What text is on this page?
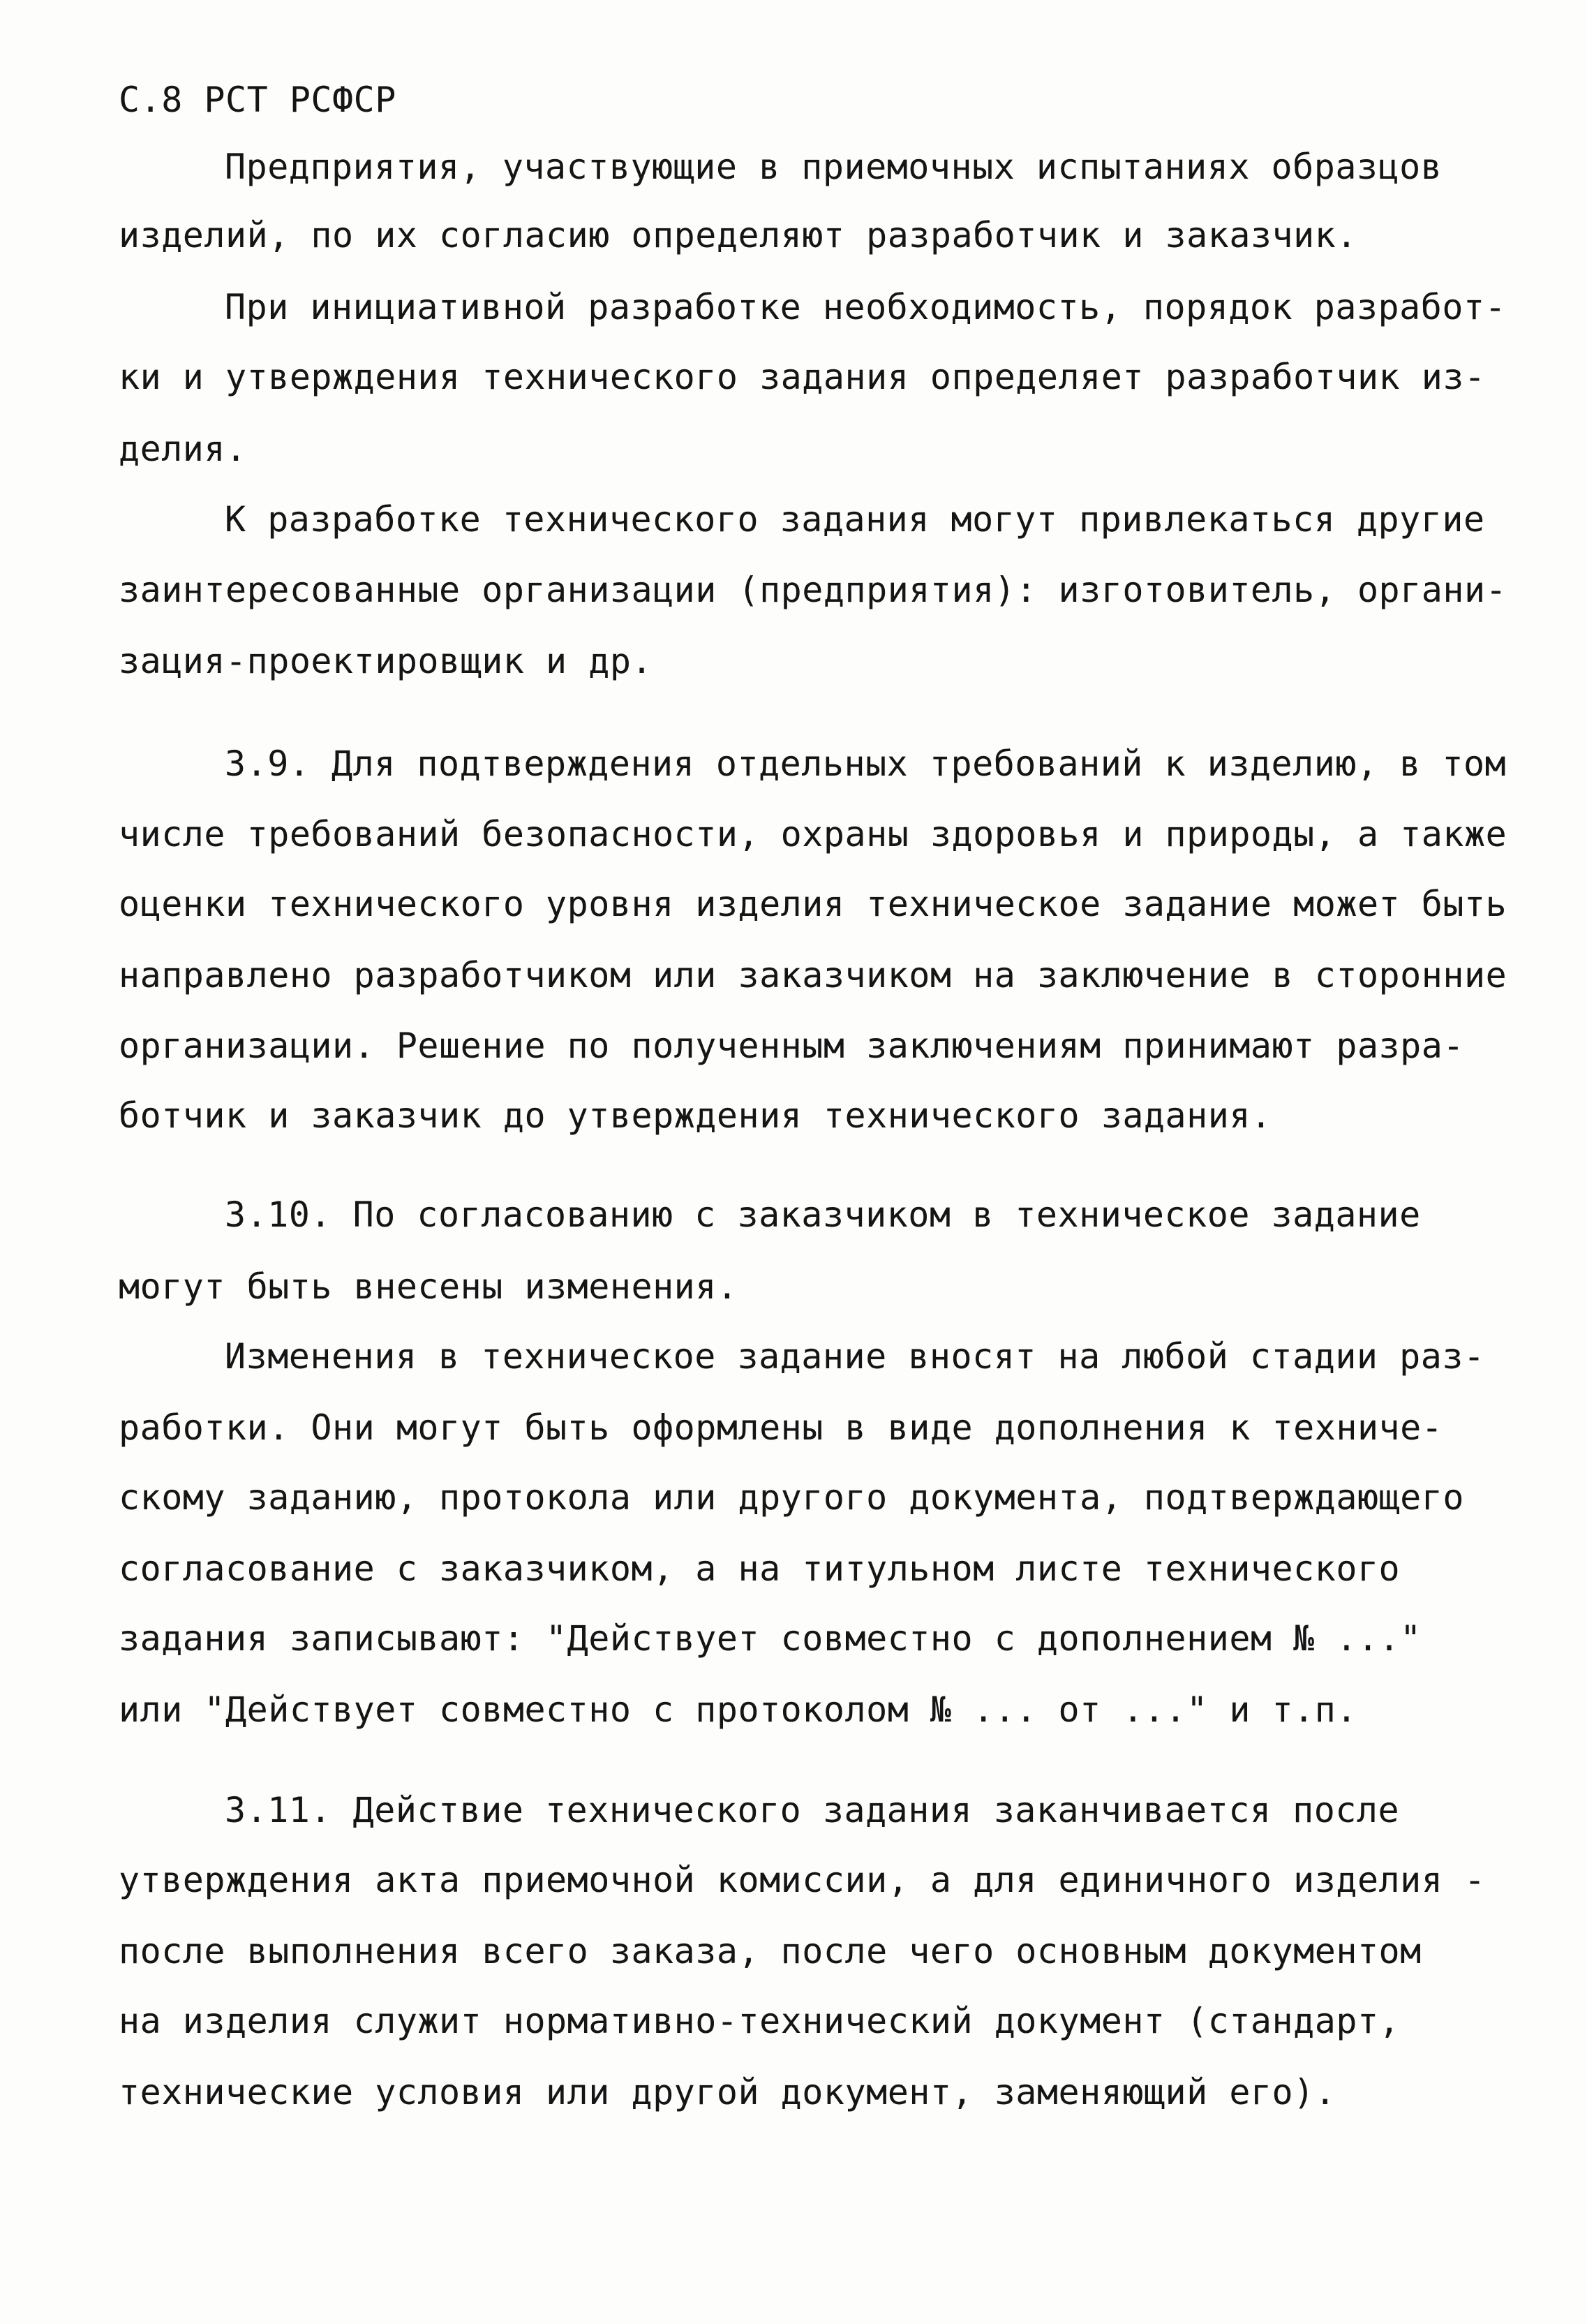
С.8 РСТ РСФСР
Предприятия, участвующие в приемочных испытаниях образцов
изделий, по их согласию определяют разработчик и заказчик.
При инициативной разработке необходимость, порядок разработ-
ки и утверждения технического задания определяет разработчик из-
делия.
К разработке технического задания могут привлекаться другие
заинтересованные организации (предприятия): изготовитель, органи-
зация-проектировщик и др.
3.9. Для подтверждения отдельных требований к изделию, в том
числе требований безопасности, охраны здоровья и природы, а также
оценки технического уровня изделия техническое задание может быть
направлено разработчиком или заказчиком на заключение в сторонние
организации. Решение по полученным заключениям принимают разра-
ботчик и заказчик до утверждения технического задания.
3.10. По согласованию с заказчиком в техническое задание
могут быть внесены изменения.
Изменения в техническое задание вносят на любой стадии раз-
работки. Они могут быть оформлены в виде дополнения к техниче-
скому заданию, протокола или другого документа, подтверждающего
согласование с заказчиком, а на титульном листе технического
задания записывают: "Действует совместно с дополнением № ..."
или "Действует совместно с протоколом № ... от ..." и т.п.
3.11. Действие технического задания заканчивается после
утверждения акта приемочной комиссии, а для единичного изделия -
после выполнения всего заказа, после чего основным документом
на изделия служит нормативно-технический документ (стандарт,
технические условия или другой документ, заменяющий его).
